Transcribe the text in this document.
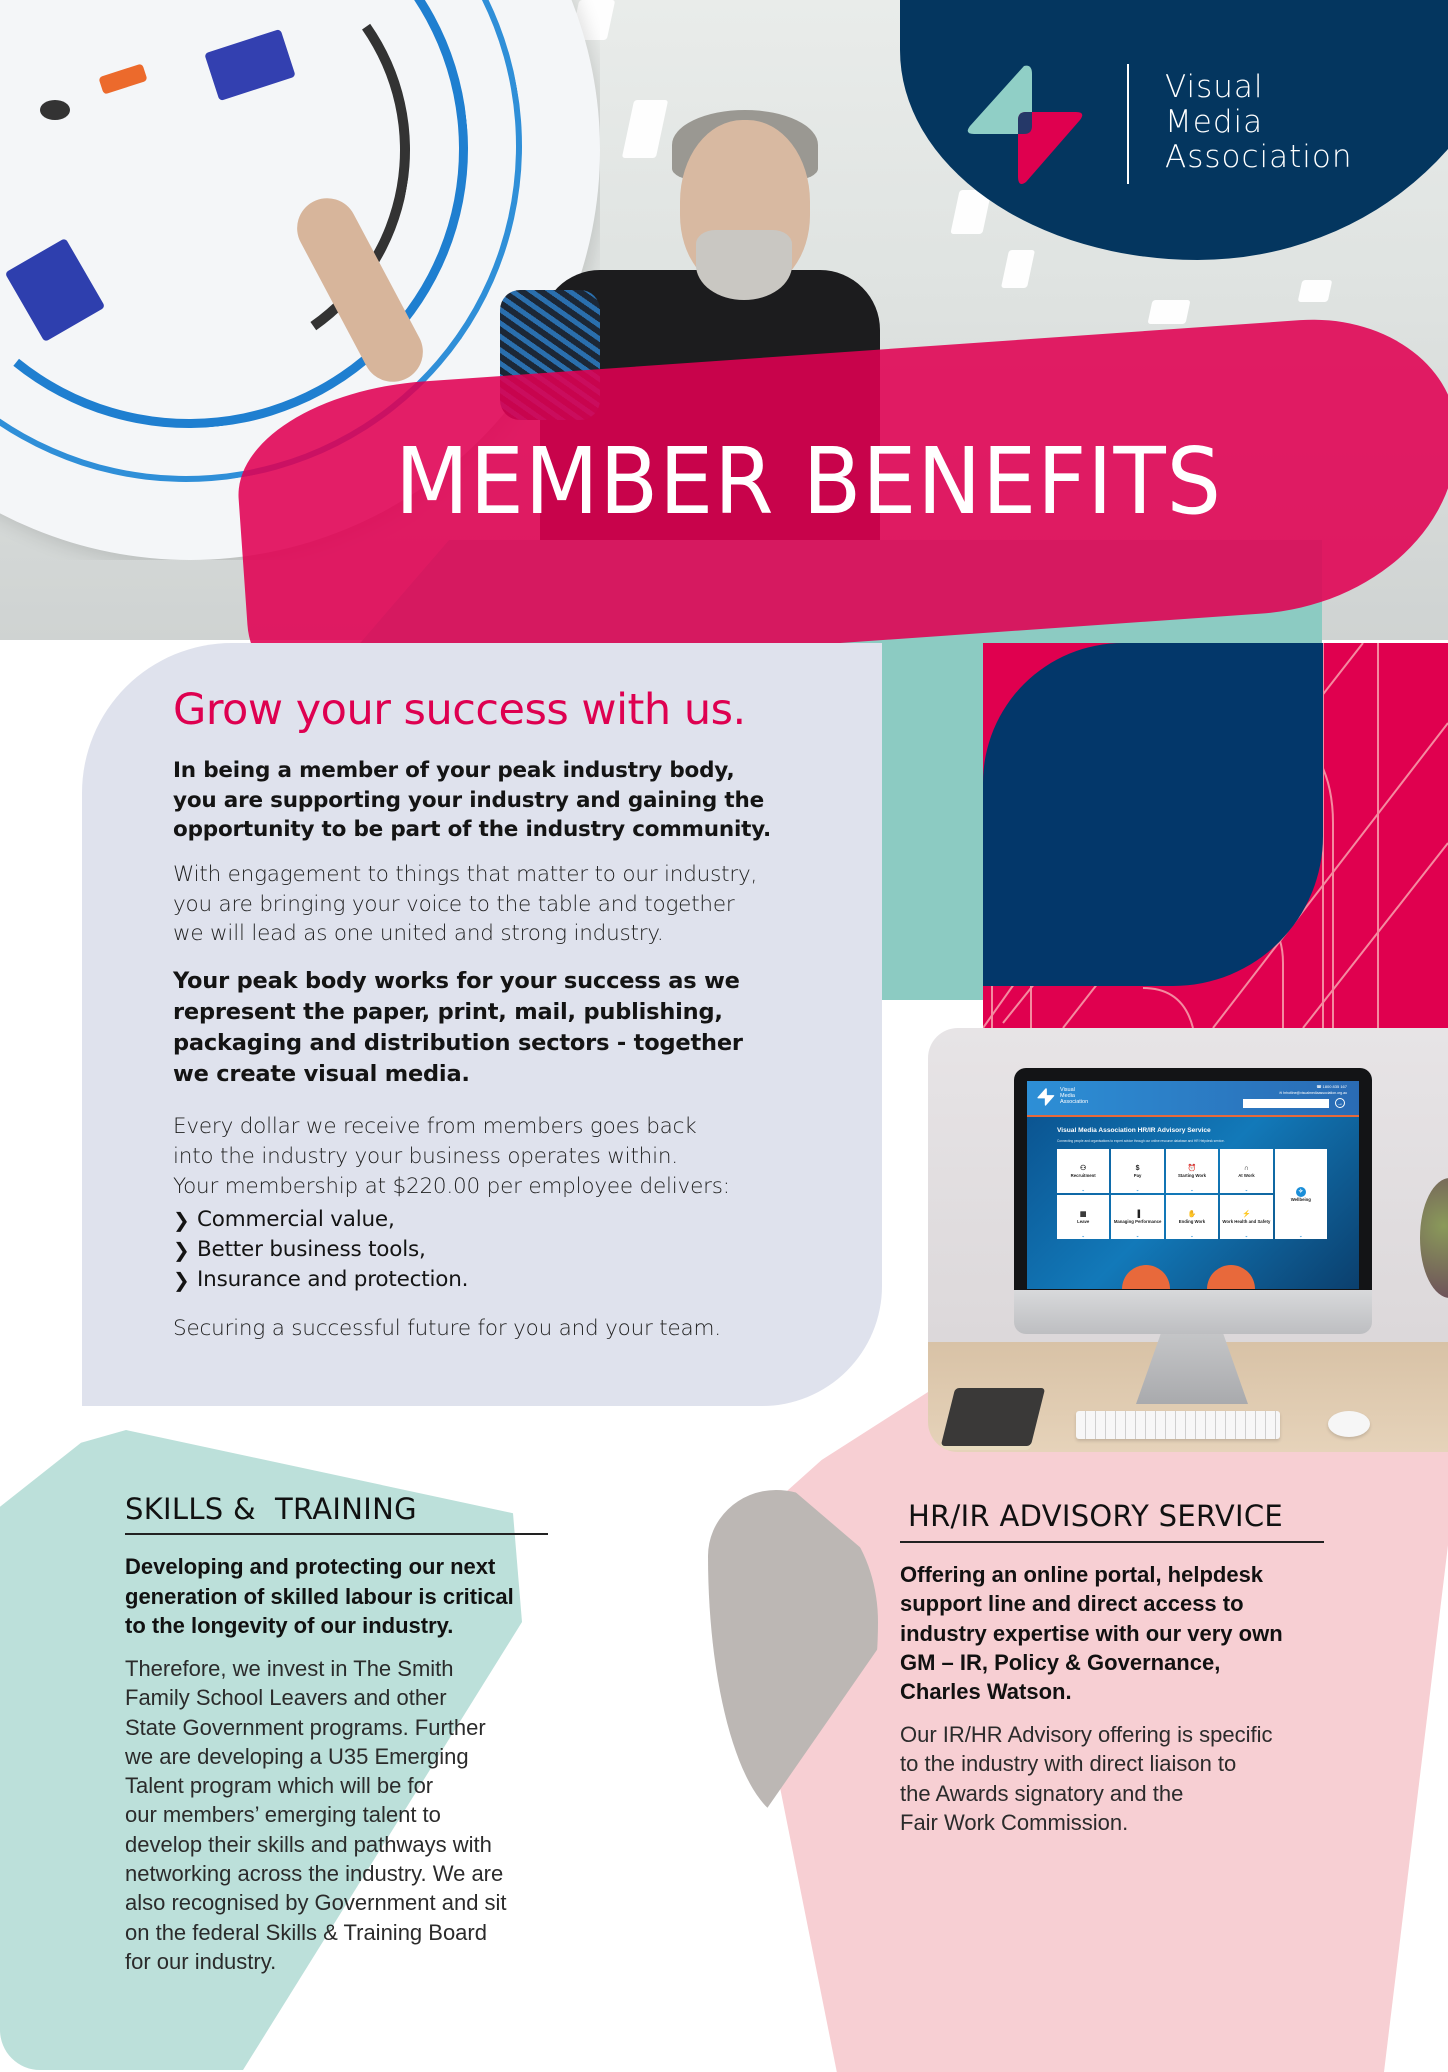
Visual
Media
Association
MEMBER BENEFITS
Grow your success with us.
In being a member of your peak industry body,
you are supporting your industry and gaining the
opportunity to be part of the industry community.
With engagement to things that matter to our industry,
you are bringing your voice to the table and together
we will lead as one united and strong industry.
Your peak body works for your success as we
represent the paper, print, mail, publishing,
packaging and distribution sectors - together
we create visual media.
Every dollar we receive from members goes back
into the industry your business operates within.
Your membership at $220.00 per employee delivers:
❯ Commercial value,
❯ Better business tools,
❯ Insurance and protection.
Securing a successful future for you and your team.
Visual
Media
Association
☎ 1800 835 167
✉ hrhotline@visualmediaassociation.org.au
→
Visual Media Association HR/IR Advisory Service
Connecting people and organisations to expert advice through our online resource database and HR Helpdesk service.
⚇
Recruitment
⌄
$
Pay
⌄
⏰
Starting Work
⌄
∩
At Work
⌄	✧
Wellbeing
⌄
▦
Leave
⌄
▐
Managing Performance
⌄
✋
Ending Work
⌄
⚡
Work Health and Safety
⌄
SKILLS &  TRAINING
Developing and protecting our next
generation of skilled labour is critical
to the longevity of our industry.
Therefore, we invest in The Smith
Family School Leavers and other
State Government programs. Further
we are developing a U35 Emerging
Talent program which will be for
our members’ emerging talent to
develop their skills and pathways with
networking across the industry. We are
also recognised by Government and sit
on the federal Skills & Training Board
for our industry.
HR/IR ADVISORY SERVICE
Offering an online portal, helpdesk
support line and direct access to
industry expertise with our very own
GM – IR, Policy & Governance,
Charles Watson.
Our IR/HR Advisory offering is specific
to the industry with direct liaison to
the Awards signatory and the
Fair Work Commission.
